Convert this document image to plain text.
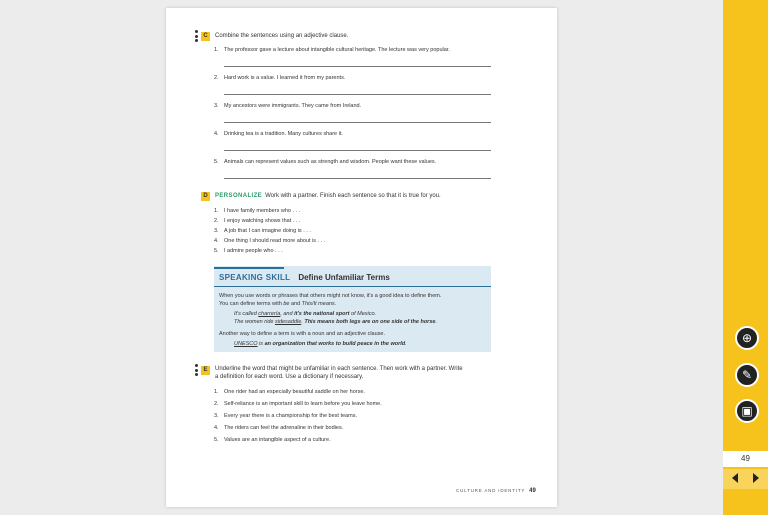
C	Combine the sentences using an adjective clause.
1. The professor gave a lecture about intangible cultural heritage. The lecture was very popular.
2. Hard work is a value. I learned it from my parents.
3. My ancestors were immigrants. They came from Ireland.
4. Drinking tea is a tradition. Many cultures share it.
5. Animals can represent values such as strength and wisdom. People want these values.
D	PERSONALIZE Work with a partner. Finish each sentence so that it is true for you.
1. I have family members who . . .
2. I enjoy watching shows that . . .
3. A job that I can imagine doing is . . .
4. One thing I should read more about is . . .
5. I admire people who . . .
SPEAKING SKILL Define Unfamiliar Terms
When you use words or phrases that others might not know, it's a good idea to define them.
You can define terms with be and This/It means.
It's called charrería, and it's the national sport of Mexico.
The women ride sidesaddle. This means both legs are on one side of the horse.
Another way to define a term is with a noun and an adjective clause.
UNESCO is an organization that works to build peace in the world.
E	Underline the word that might be unfamiliar in each sentence. Then work with a partner. Write
a definition for each word. Use a dictionary if necessary.
1. One rider had an especially beautiful saddle on her horse.
2. Self-reliance is an important skill to learn before you leave home.
3. Every year there is a championship for the best teams.
4. The riders can feel the adrenaline in their bodies.
5. Values are an intangible aspect of a culture.
CULTURE AND IDENTITY 49
⊕
✎
▣
49
